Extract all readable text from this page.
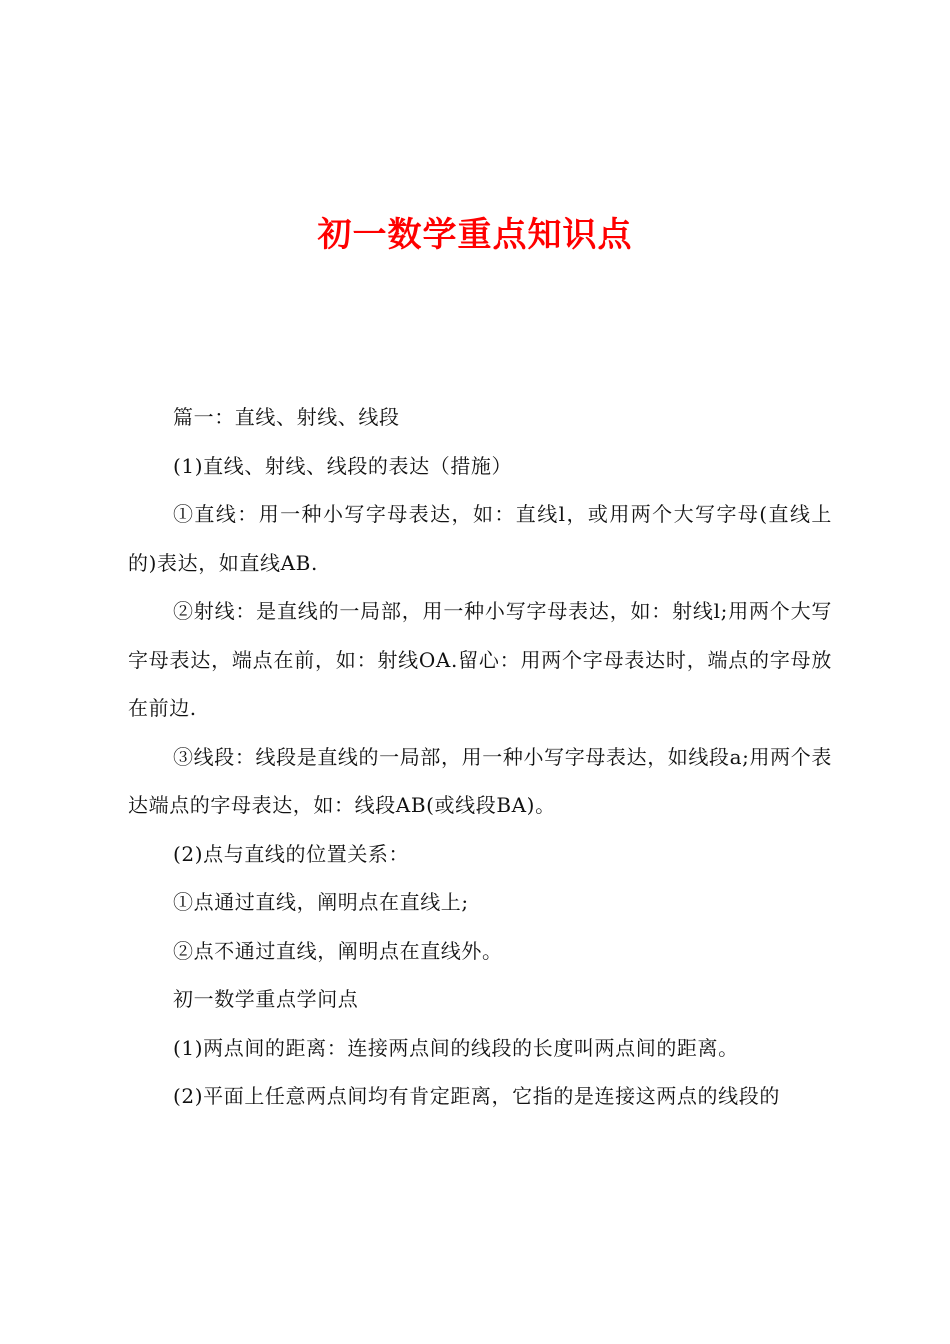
初一数学重点知识点

篇一：直线、射线、线段

(1)直线、射线、线段的表达（措施）

①直线：用一种小写字母表达，如：直线l，或用两个大写字母(直线上的)表达，如直线AB.

②射线：是直线的一局部，用一种小写字母表达，如：射线l;用两个大写字母表达，端点在前，如：射线OA.留心：用两个字母表达时，端点的字母放在前边.

③线段：线段是直线的一局部，用一种小写字母表达，如线段a;用两个表达端点的字母表达，如：线段AB(或线段BA)。

(2)点与直线的位置关系：

①点通过直线，阐明点在直线上;

②点不通过直线，阐明点在直线外。

初一数学重点学问点

(1)两点间的距离：连接两点间的线段的长度叫两点间的距离。

(2)平面上任意两点间均有肯定距离，它指的是连接这两点的线段的
